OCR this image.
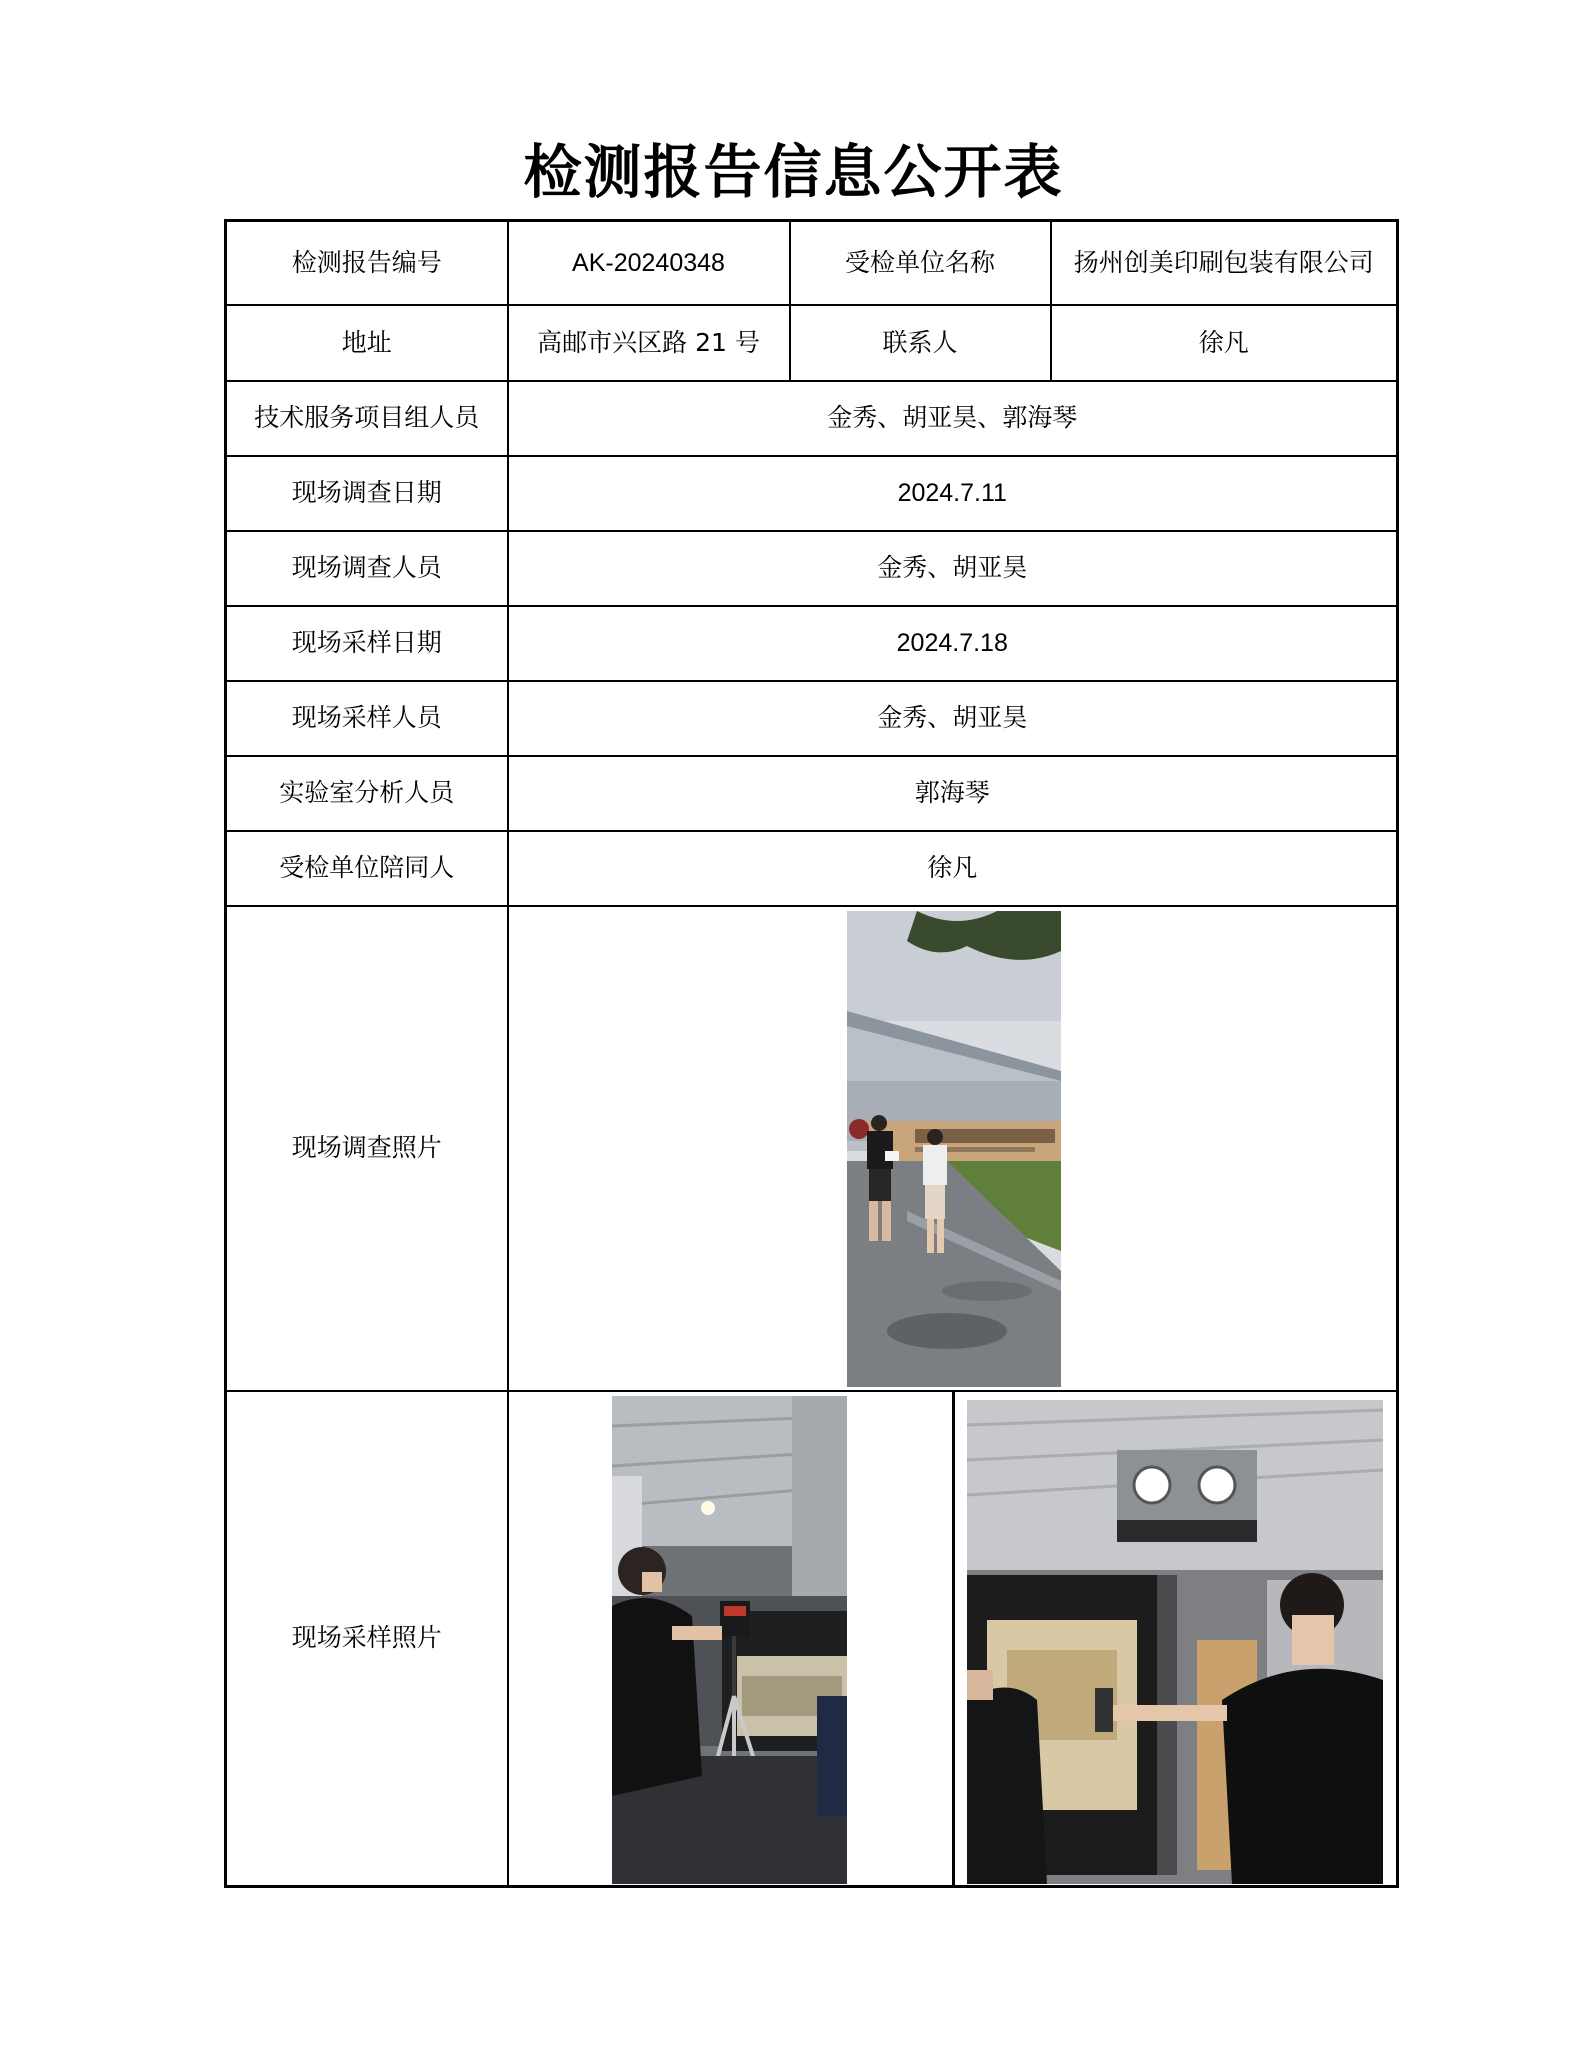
检测报告信息公开表
检测报告编号	AK-20240348	受检单位名称	扬州创美印刷包装有限公司
地址	高邮市兴区路 21 号	联系人	徐凡
技术服务项目组人员	金秀、胡亚昊、郭海琴		
现场调查日期	2024.7.11		
现场调查人员	金秀、胡亚昊		
现场采样日期	2024.7.18		
现场采样人员	金秀、胡亚昊		
实验室分析人员	郭海琴		
受检单位陪同人	徐凡		
现场调查照片	

现场采样照片	
